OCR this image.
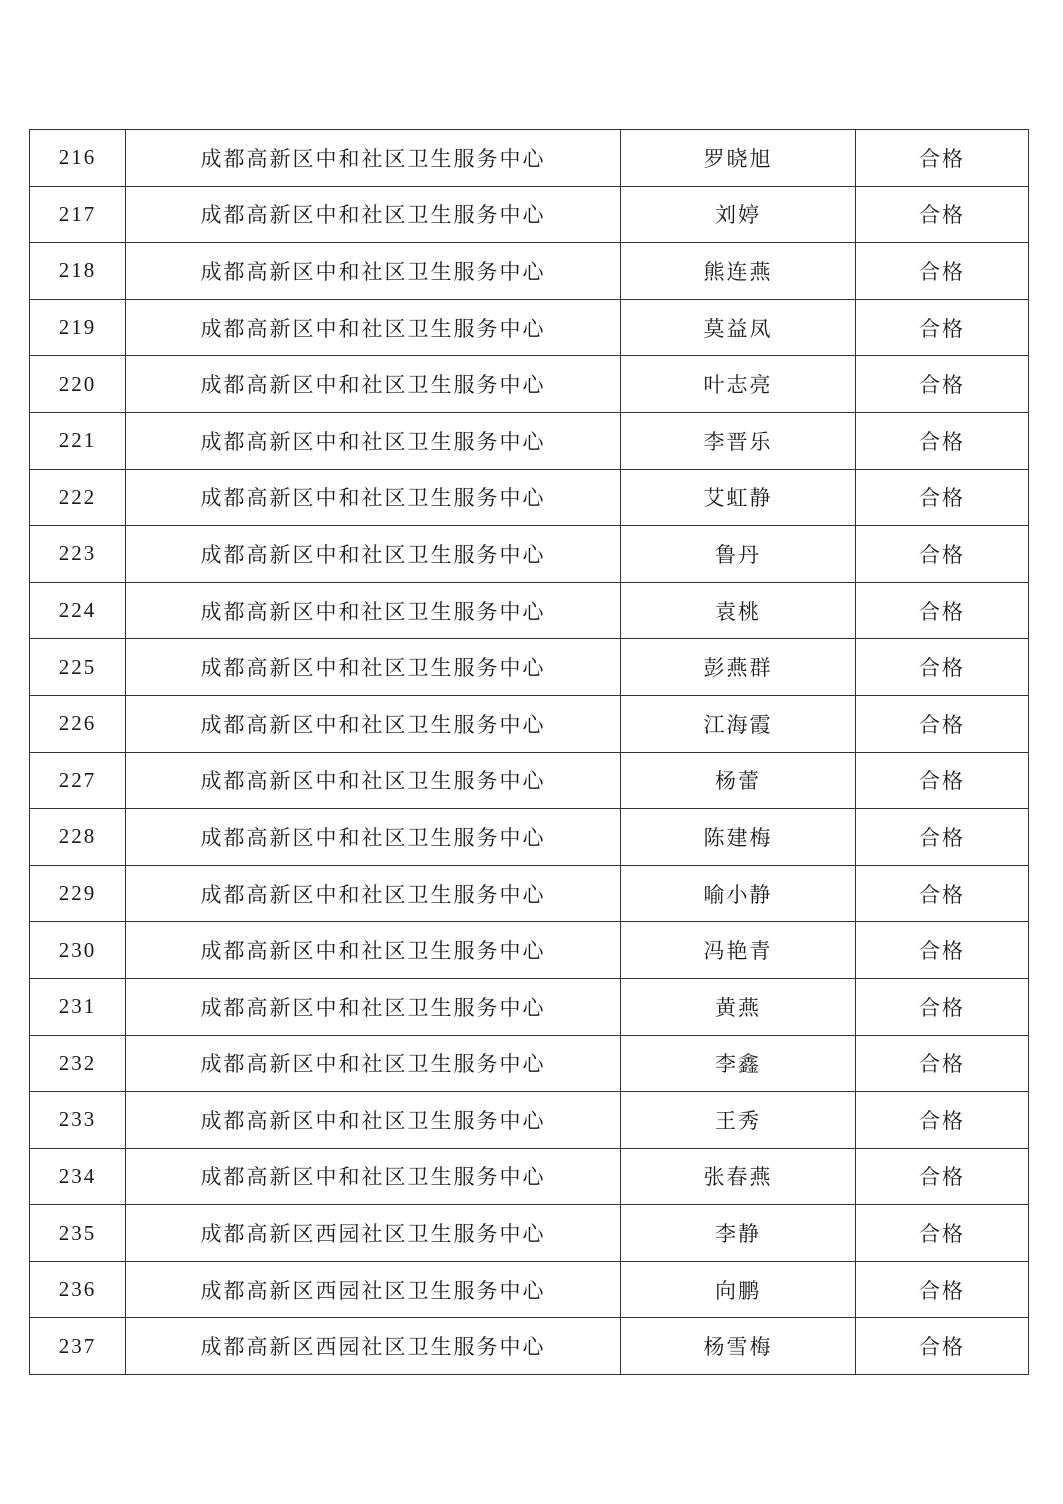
216	成都高新区中和社区卫生服务中心	罗晓旭	合格
217	成都高新区中和社区卫生服务中心	刘婷	合格
218	成都高新区中和社区卫生服务中心	熊连燕	合格
219	成都高新区中和社区卫生服务中心	莫益凤	合格
220	成都高新区中和社区卫生服务中心	叶志亮	合格
221	成都高新区中和社区卫生服务中心	李晋乐	合格
222	成都高新区中和社区卫生服务中心	艾虹静	合格
223	成都高新区中和社区卫生服务中心	鲁丹	合格
224	成都高新区中和社区卫生服务中心	袁桃	合格
225	成都高新区中和社区卫生服务中心	彭燕群	合格
226	成都高新区中和社区卫生服务中心	江海霞	合格
227	成都高新区中和社区卫生服务中心	杨蕾	合格
228	成都高新区中和社区卫生服务中心	陈建梅	合格
229	成都高新区中和社区卫生服务中心	喻小静	合格
230	成都高新区中和社区卫生服务中心	冯艳青	合格
231	成都高新区中和社区卫生服务中心	黄燕	合格
232	成都高新区中和社区卫生服务中心	李鑫	合格
233	成都高新区中和社区卫生服务中心	王秀	合格
234	成都高新区中和社区卫生服务中心	张春燕	合格
235	成都高新区西园社区卫生服务中心	李静	合格
236	成都高新区西园社区卫生服务中心	向鹏	合格
237	成都高新区西园社区卫生服务中心	杨雪梅	合格
